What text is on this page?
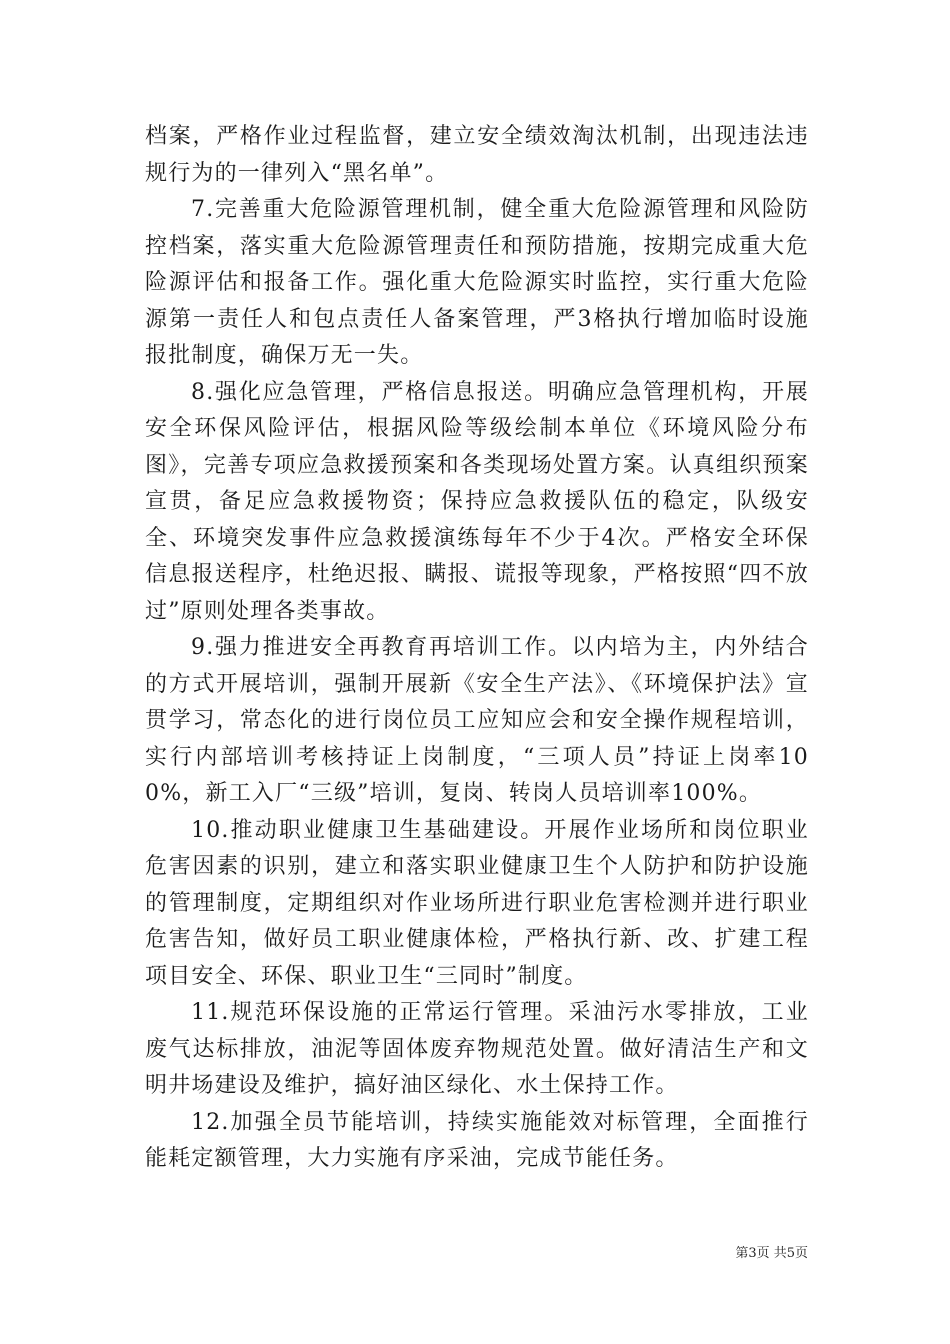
档案，严格作业过程监督，建立安全绩效淘汰机制，出现违法违规行为的一律列入“黑名单”。

7.完善重大危险源管理机制，健全重大危险源管理和风险防控档案，落实重大危险源管理责任和预防措施，按期完成重大危险源评估和报备工作。强化重大危险源实时监控，实行重大危险源第一责任人和包点责任人备案管理，严3格执行增加临时设施报批制度，确保万无一失。

8.强化应急管理，严格信息报送。明确应急管理机构，开展安全环保风险评估，根据风险等级绘制本单位《环境风险分布图》，完善专项应急救援预案和各类现场处置方案。认真组织预案宣贯，备足应急救援物资；保持应急救援队伍的稳定，队级安全、环境突发事件应急救援演练每年不少于4次。严格安全环保信息报送程序，杜绝迟报、瞒报、谎报等现象，严格按照“四不放过”原则处理各类事故。

9.强力推进安全再教育再培训工作。以内培为主，内外结合的方式开展培训，强制开展新《安全生产法》、《环境保护法》宣贯学习，常态化的进行岗位员工应知应会和安全操作规程培训，实行内部培训考核持证上岗制度，“三项人员”持证上岗率100%，新工入厂“三级”培训，复岗、转岗人员培训率100%。

10.推动职业健康卫生基础建设。开展作业场所和岗位职业危害因素的识别，建立和落实职业健康卫生个人防护和防护设施的管理制度，定期组织对作业场所进行职业危害检测并进行职业危害告知，做好员工职业健康体检，严格执行新、改、扩建工程项目安全、环保、职业卫生“三同时”制度。

11.规范环保设施的正常运行管理。采油污水零排放，工业废气达标排放，油泥等固体废弃物规范处置。做好清洁生产和文明井场建设及维护，搞好油区绿化、水土保持工作。

12.加强全员节能培训，持续实施能效对标管理，全面推行能耗定额管理，大力实施有序采油，完成节能任务。

第3页 共5页
